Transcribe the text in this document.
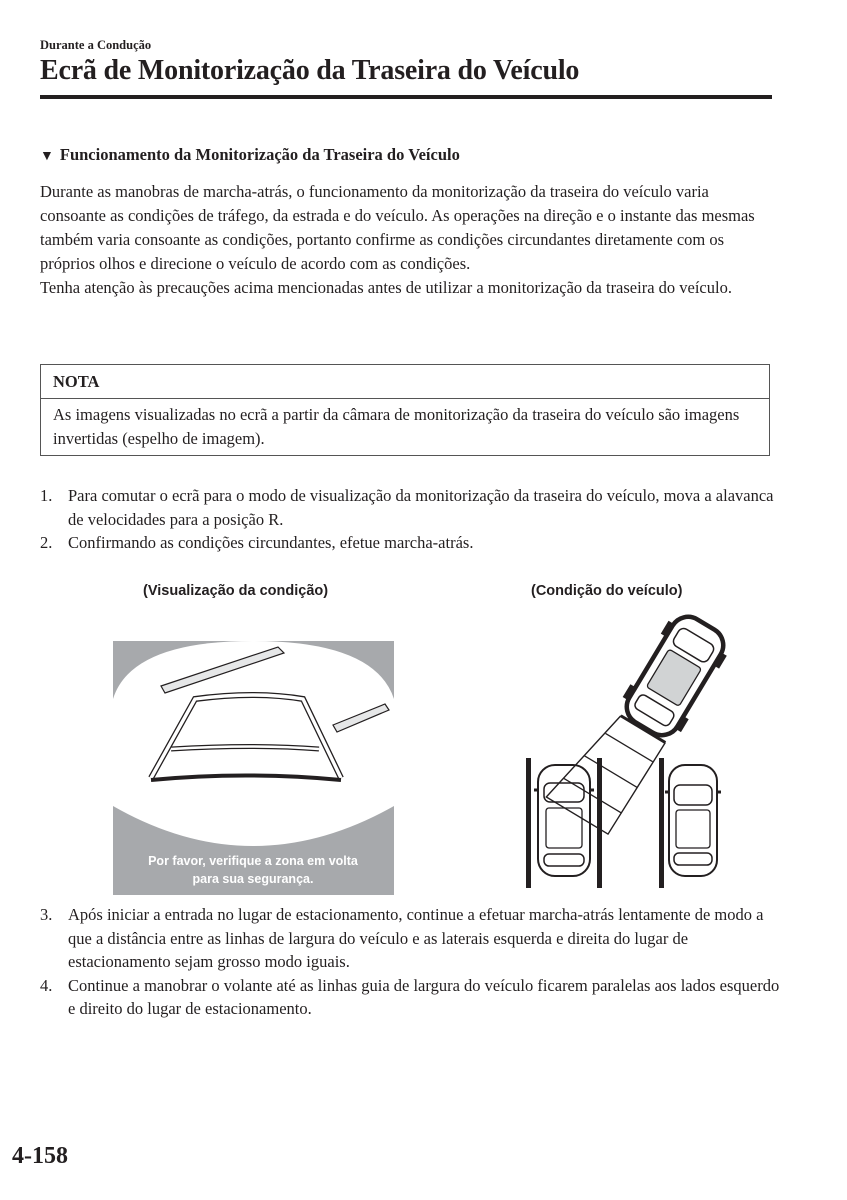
Durante a Condução
Ecrã de Monitorização da Traseira do Veículo
▼ Funcionamento da Monitorização da Traseira do Veículo

Durante as manobras de marcha-atrás, o funcionamento da monitorização da traseira do veículo varia consoante as condições de tráfego, da estrada e do veículo. As operações na direção e o instante das mesmas também varia consoante as condições, portanto confirme as condições circundantes diretamente com os próprios olhos e direcione o veículo de acordo com as condições.

Tenha atenção às precauções acima mencionadas antes de utilizar a monitorização da traseira do veículo.

NOTA
As imagens visualizadas no ecrã a partir da câmara de monitorização da traseira do veículo são imagens invertidas (espelho de imagem).
1. Para comutar o ecrã para o modo de visualização da monitorização da traseira do veículo, mova a alavanca de velocidades para a posição R.
2. Confirmando as condições circundantes, efetue marcha-atrás.
(Visualização da condição)	(Condição do veículo)
Por favor, verifique a zona em volta
para sua segurança.
3. Após iniciar a entrada no lugar de estacionamento, continue a efetuar marcha-atrás lentamente de modo a que a distância entre as linhas de largura do veículo e as laterais esquerda e direita do lugar de estacionamento sejam grosso modo iguais.
4. Continue a manobrar o volante até as linhas guia de largura do veículo ficarem paralelas aos lados esquerdo e direito do lugar de estacionamento.
4-158
